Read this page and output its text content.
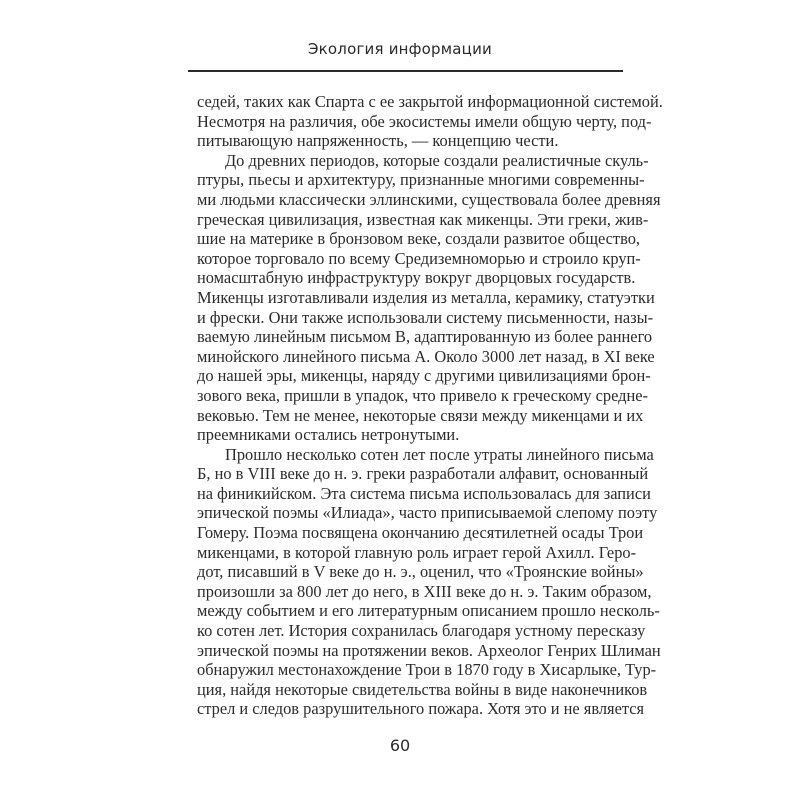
Экология информации
седей, таких как Спарта с ее закрытой информационной системой.
Несмотря на различия, обе экосистемы имели общую черту, под-
питывающую напряженность, — концепцию чести.
До древних периодов, которые создали реалистичные скуль-
птуры, пьесы и архитектуру, признанные многими современны-
ми людьми классически эллинскими, существовала более древняя
греческая цивилизация, известная как микенцы. Эти греки, жив-
шие на материке в бронзовом веке, создали развитое общество,
которое торговало по всему Средиземноморью и строило круп-
номасштабную инфраструктуру вокруг дворцовых государств.
Микенцы изготавливали изделия из металла, керамику, статуэтки
и фрески. Они также использовали систему письменности, назы-
ваемую линейным письмом B, адаптированную из более раннего
минойского линейного письма A. Около 3000 лет назад, в XI веке
до нашей эры, микенцы, наряду с другими цивилизациями брон-
зового века, пришли в упадок, что привело к греческому средне-
вековью. Тем не менее, некоторые связи между микенцами и их
преемниками остались нетронутыми.
Прошло несколько сотен лет после утраты линейного письма
Б, но в VIII веке до н. э. греки разработали алфавит, основанный
на финикийском. Эта система письма использовалась для записи
эпической поэмы «Илиада», часто приписываемой слепому поэту
Гомеру. Поэма посвящена окончанию десятилетней осады Трои
микенцами, в которой главную роль играет герой Ахилл. Геро-
дот, писавший в V веке до н. э., оценил, что «Троянские войны»
произошли за 800 лет до него, в XIII веке до н. э. Таким образом,
между событием и его литературным описанием прошло несколь-
ко сотен лет. История сохранилась благодаря устному пересказу
эпической поэмы на протяжении веков. Археолог Генрих Шлиман
обнаружил местонахождение Трои в 1870 году в Хисарлыке, Тур-
ция, найдя некоторые свидетельства войны в виде наконечников
стрел и следов разрушительного пожара. Хотя это и не является
60
